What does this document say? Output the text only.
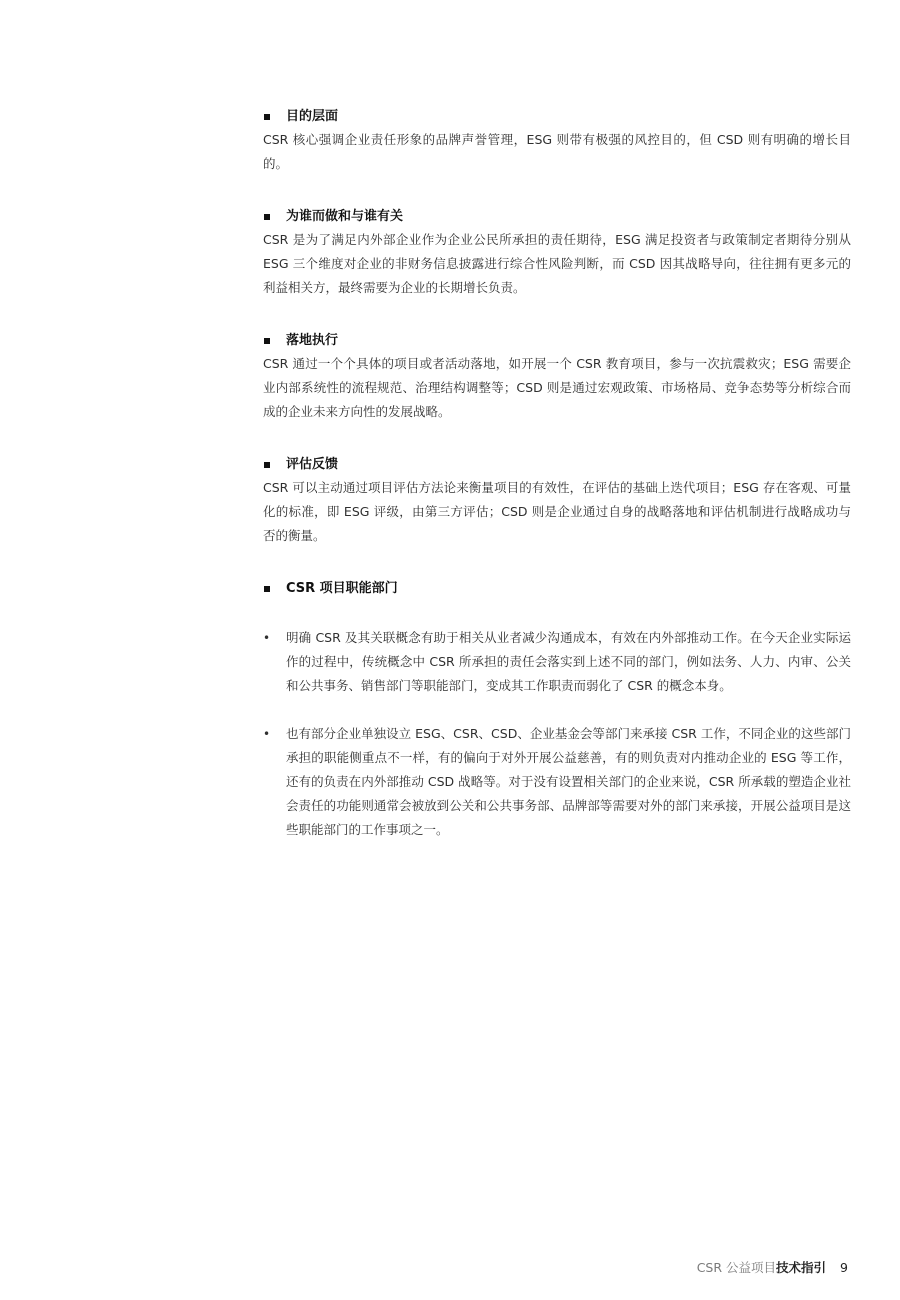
目的层面

CSR 核心强调企业责任形象的品牌声誉管理，ESG 则带有极强的风控目的，但 CSD 则有明确的增长目的。

为谁而做和与谁有关

CSR 是为了满足内外部企业作为企业公民所承担的责任期待，ESG 满足投资者与政策制定者期待分别从 ESG 三个维度对企业的非财务信息披露进行综合性风险判断，而 CSD 因其战略导向，往往拥有更多元的利益相关方，最终需要为企业的长期增长负责。

落地执行

CSR 通过一个个具体的项目或者活动落地，如开展一个 CSR 教育项目，参与一次抗震救灾；ESG 需要企业内部系统性的流程规范、治理结构调整等；CSD 则是通过宏观政策、市场格局、竞争态势等分析综合而成的企业未来方向性的发展战略。

评估反馈

CSR 可以主动通过项目评估方法论来衡量项目的有效性，在评估的基础上迭代项目；ESG 存在客观、可量化的标准，即 ESG 评级，由第三方评估；CSD 则是企业通过自身的战略落地和评估机制进行战略成功与否的衡量。

CSR 项目职能部门
•	明确 CSR 及其关联概念有助于相关从业者减少沟通成本，有效在内外部推动工作。在今天企业实际运作的过程中，传统概念中 CSR 所承担的责任会落实到上述不同的部门，例如法务、人力、内审、公关和公共事务、销售部门等职能部门，变成其工作职责而弱化了 CSR 的概念本身。
•	也有部分企业单独设立 ESG、CSR、CSD、企业基金会等部门来承接 CSR 工作，不同企业的这些部门承担的职能侧重点不一样，有的偏向于对外开展公益慈善，有的则负责对内推动企业的 ESG 等工作，还有的负责在内外部推动 CSD 战略等。对于没有设置相关部门的企业来说，CSR 所承载的塑造企业社会责任的功能则通常会被放到公关和公共事务部、品牌部等需要对外的部门来承接，开展公益项目是这些职能部门的工作事项之一。
CSR 公益项目技术指引 9
